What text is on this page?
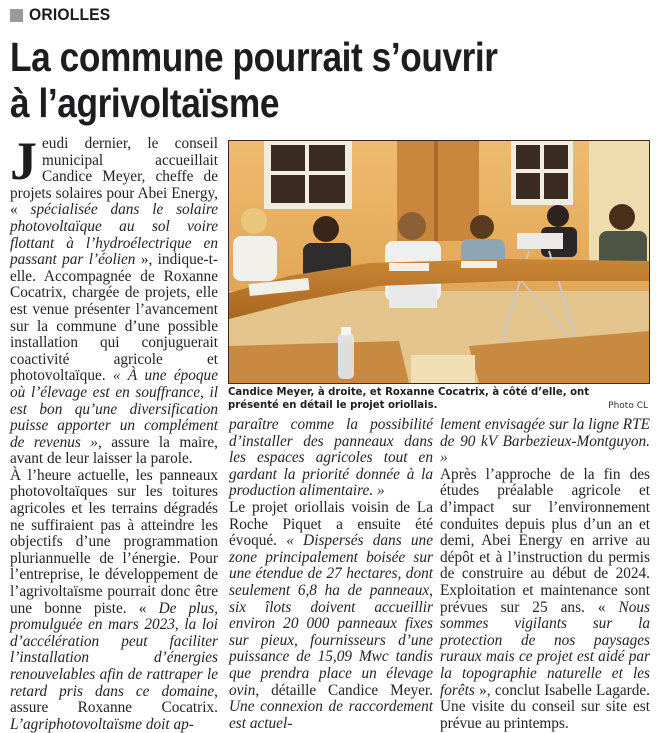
ORIOLLES
La commune pourrait s’ouvrir
à l’agrivoltaïsme
J eudi dernier, le conseil municipal accueillait Candice Meyer, cheffe de projets solaires pour Abei Energy, « spécialisée dans le solaire photovoltaïque au sol voire flottant à l’hydroélectrique en passant par l’éolien », indique-t-elle. Accompagnée de Roxanne Cocatrix, chargée de projets, elle est venue présenter l’avancement sur la commune d’une possible installation qui conjuguerait coactivité agricole et photovoltaïque. « À une époque où l’élevage est en souffrance, il est bon qu’une diversification puisse apporter un complément de revenus », assure la maire, avant de leur laisser la parole.

À l’heure actuelle, les panneaux photovoltaïques sur les toitures agricoles et les terrains dégradés ne suffiraient pas à atteindre les objectifs d’une programmation pluriannuelle de l’énergie. Pour l’entreprise, le développement de l’agrivoltaïsme pourrait donc être une bonne piste. « De plus, promulguée en mars 2023, la loi d’accélération peut faciliter l’installation d’énergies renouvelables afin de rattraper le retard pris dans ce domaine, assure Roxanne Cocatrix. L’agriphotovoltaïsme doit ap-

Candice Meyer, à droite, et Roxanne Cocatrix, à côté d’elle, ont présenté en détail le projet oriollais.	Photo CL

paraître comme la possibilité d’installer des panneaux dans les espaces agricoles tout en gardant la priorité donnée à la production alimentaire. »

Le projet oriollais voisin de La Roche Piquet a ensuite été évoqué. « Dispersés dans une zone principalement boisée sur une étendue de 27 hectares, dont seulement 6,8 ha de panneaux, six îlots doivent accueillir environ 20 000 panneaux fixes sur pieux, fournisseurs d’une puissance de 15,09 Mwc tandis que prendra place un élevage ovin, détaille Candice Meyer. Une connexion de raccordement est actuel-

lement envisagée sur la ligne RTE de 90 kV Barbezieux-Montguyon. »

Après l’approche de la fin des études préalable agricole et d’impact sur l’environnement conduites depuis plus d’un an et demi, Abei Energy en arrive au dépôt et à l’instruction du permis de construire au début de 2024. Exploitation et maintenance sont prévues sur 25 ans. « Nous sommes vigilants sur la protection de nos paysages ruraux mais ce projet est aidé par la topographie naturelle et les forêts », conclut Isabelle Lagarde. Une visite du conseil sur site est prévue au printemps.
